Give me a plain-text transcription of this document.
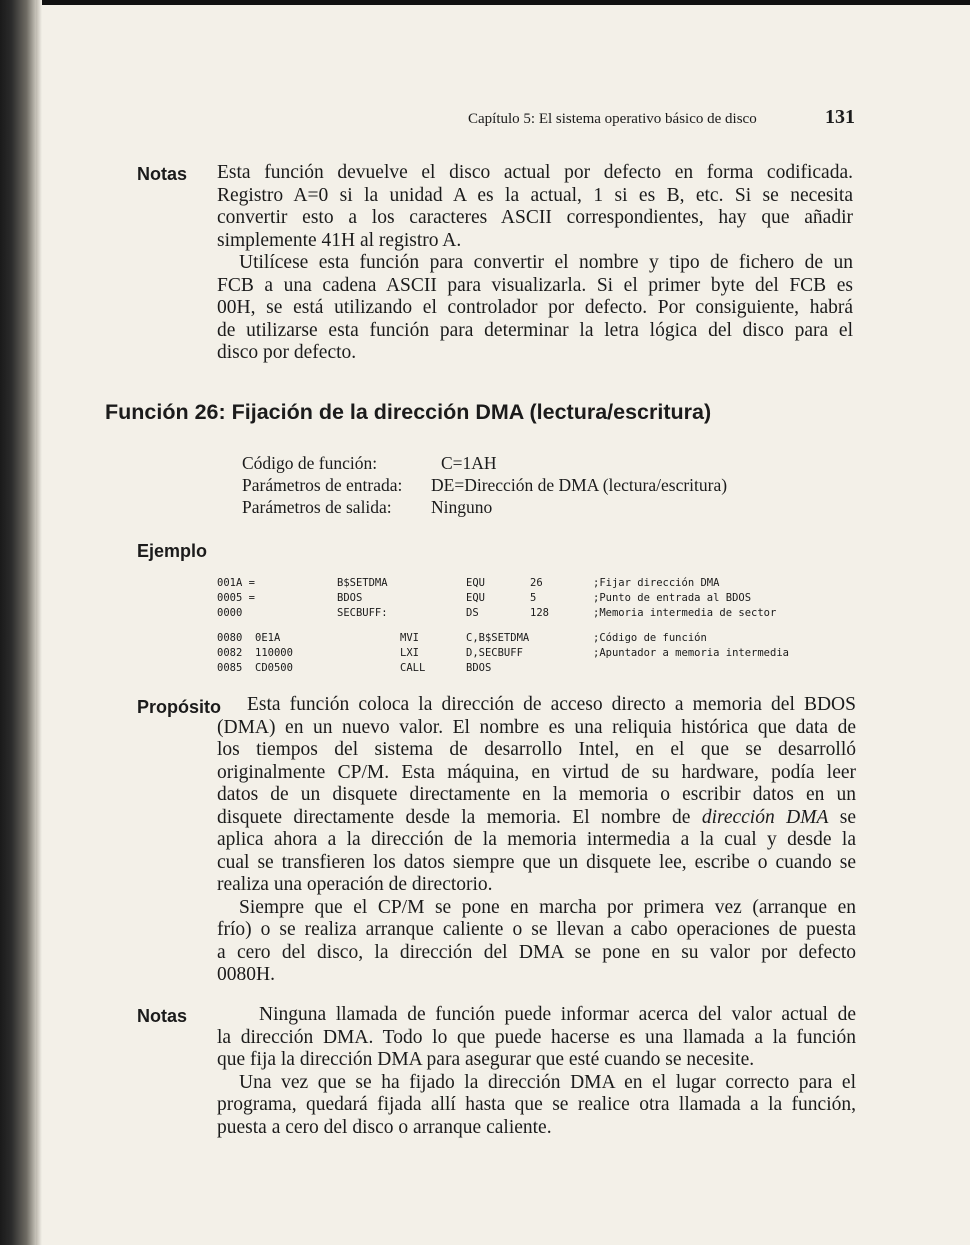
Capítulo 5: El sistema operativo básico de disco	131
Notas Esta función devuelve el disco actual por defecto en forma codificada.
Registro A=0 si la unidad A es la actual, 1 si es B, etc. Si se necesita
convertir esto a los caracteres ASCII correspondientes, hay que añadir
simplemente 41H al registro A.
Utilícese esta función para convertir el nombre y tipo de fichero de un
FCB a una cadena ASCII para visualizarla. Si el primer byte del FCB es
00H, se está utilizando el controlador por defecto. Por consiguiente, habrá
de utilizarse esta función para determinar la letra lógica del disco para el
disco por defecto.
Función 26: Fijación de la dirección DMA (lectura/escritura)
Código de función:	C=1AH
Parámetros de entrada: DE=Dirección de DMA (lectura/escritura)
Parámetros de salida: Ninguno
Ejemplo
001A =	B$SETDMA	EQU	26	;Fijar dirección DMA
0005 =	BDOS	EQU	5	;Punto de entrada al BDOS
0000	SECBUFF:	DS	128	;Memoria intermedia de sector
0080 0E1A	MVI	C,B$SETDMA	;Código de función
0082 110000	LXI	D,SECBUFF	;Apuntador a memoria intermedia
0085 CD0500	CALL	BDOS
Propósito	Esta función coloca la dirección de acceso directo a memoria del BDOS
(DMA) en un nuevo valor. El nombre es una reliquia histórica que data de
los tiempos del sistema de desarrollo Intel, en el que se desarrolló
originalmente CP/M. Esta máquina, en virtud de su hardware, podía leer
datos de un disquete directamente en la memoria o escribir datos en un
disquete directamente desde la memoria. El nombre de dirección DMA se
aplica ahora a la dirección de la memoria intermedia a la cual y desde la
cual se transfieren los datos siempre que un disquete lee, escribe o cuando se
realiza una operación de directorio.
Siempre que el CP/M se pone en marcha por primera vez (arranque en
frío) o se realiza arranque caliente o se llevan a cabo operaciones de puesta
a cero del disco, la dirección del DMA se pone en su valor por defecto
0080H.
Notas	Ninguna llamada de función puede informar acerca del valor actual de
la dirección DMA. Todo lo que puede hacerse es una llamada a la función
que fija la dirección DMA para asegurar que esté cuando se necesite.
Una vez que se ha fijado la dirección DMA en el lugar correcto para el
programa, quedará fijada allí hasta que se realice otra llamada a la función,
puesta a cero del disco o arranque caliente.
